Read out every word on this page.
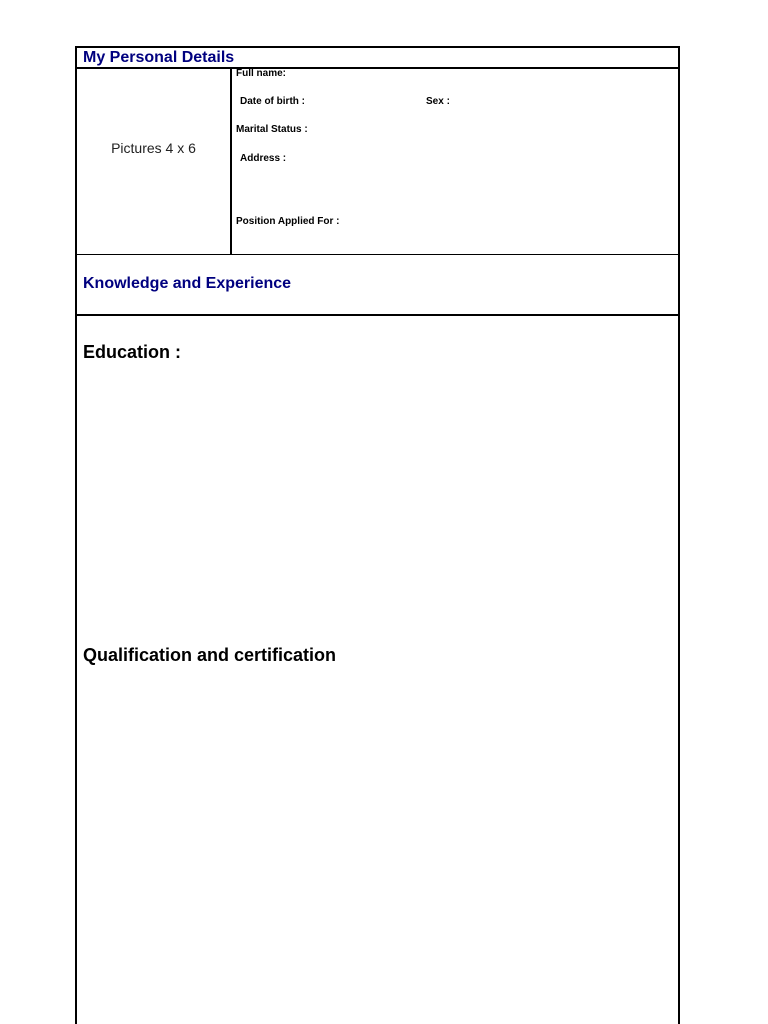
My Personal Details
Pictures 4 x 6
Full name:
Date of birth :	Sex :
Marital Status :
Address :
Position Applied For :
Knowledge and Experience
Education :
Qualification and certification
